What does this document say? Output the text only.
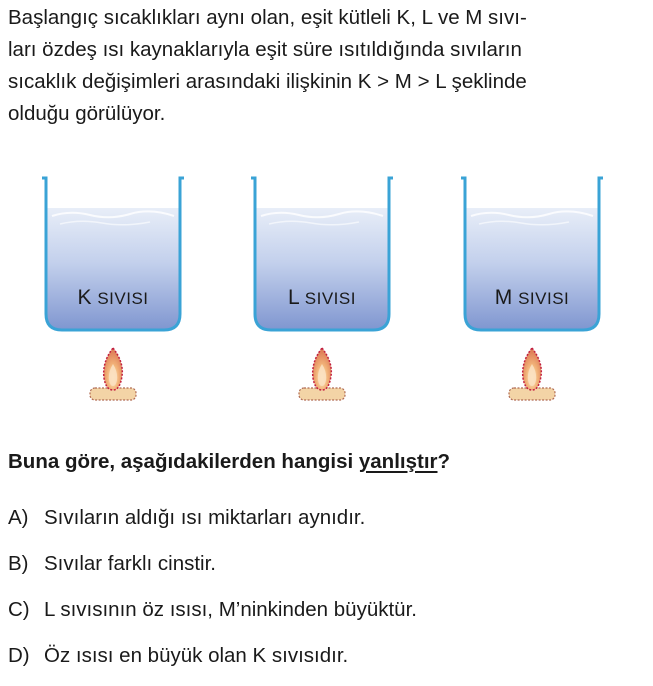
Başlangıç sıcaklıkları aynı olan, eşit kütleli K, L ve M sıvı-
ları özdeş ısı kaynaklarıyla eşit süre ısıtıldığında sıvıların
sıcaklık değişimleri arasındaki ilişkinin K > M > L şeklinde
olduğu görülüyor.
K SIVISI	L SIVISI	M SIVISI
Buna göre, aşağıdakilerden hangisi yanlıştır?
A) Sıvıların aldığı ısı miktarları aynıdır.
B) Sıvılar farklı cinstir.
C) L sıvısının öz ısısı, M’ninkinden büyüktür.
D) Öz ısısı en büyük olan K sıvısıdır.
